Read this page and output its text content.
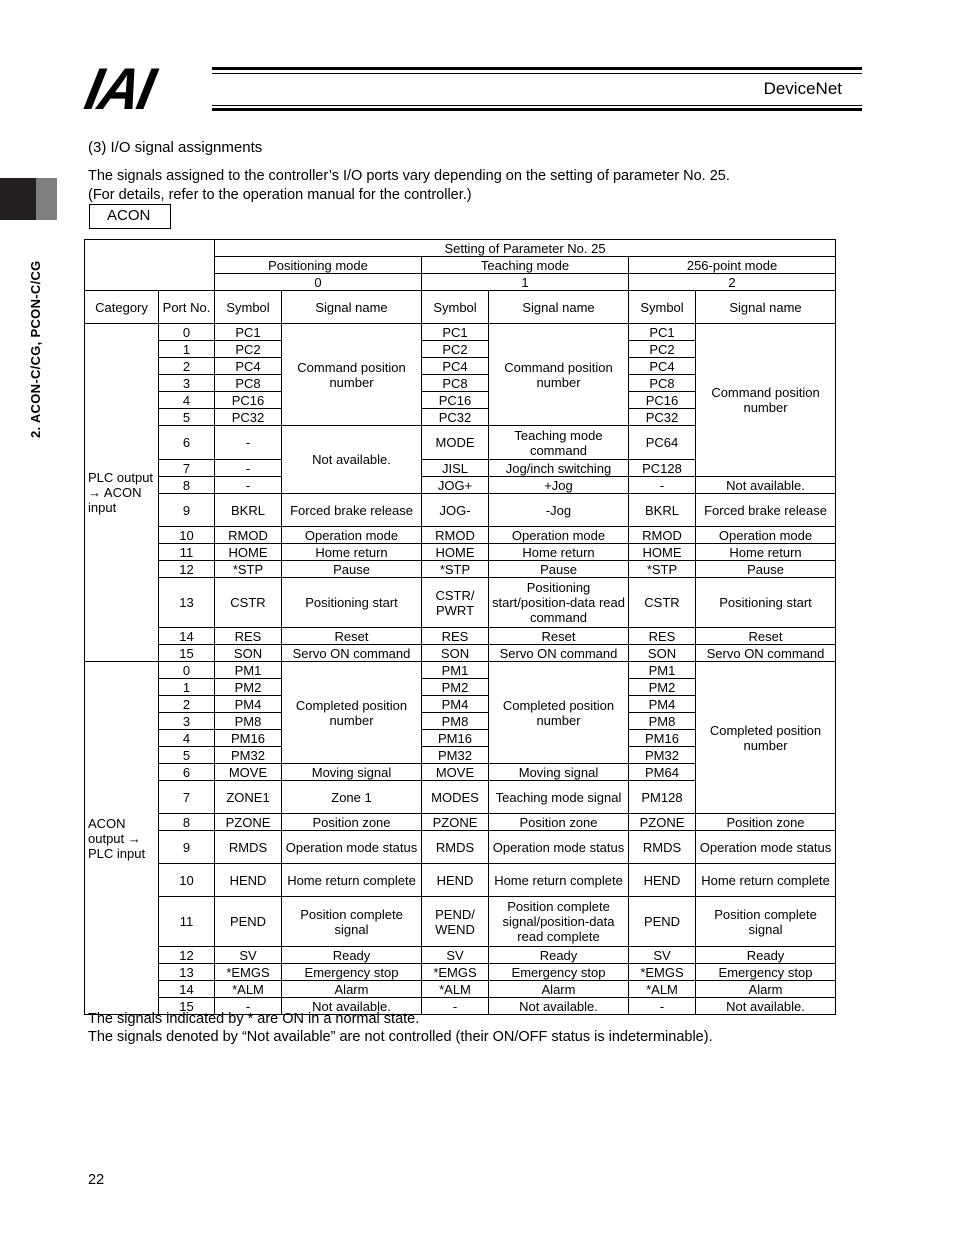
IAI	DeviceNet
2. ACON-C/CG, PCON-C/CG
(3) I/O signal assignments
The signals assigned to the controller’s I/O ports vary depending on the setting of parameter No. 25.
(For details, refer to the operation manual for the controller.)
ACON
		Setting of Parameter No. 25					
		Positioning mode		Teaching mode		256-point mode	
		0		1		2	
Category	Port No.	Symbol	Signal name	Symbol	Signal name	Symbol	Signal name
PLC output → ACON input	0	PC1	Command position number	PC1	Command position number	PC1	Command position number
	1	PC2		PC2		PC2	
	2	PC4		PC4		PC4	
	3	PC8		PC8		PC8	
	4	PC16		PC16		PC16	
	5	PC32		PC32		PC32	
	6	-	Not available.	MODE	Teaching mode command	PC64	
	7	-		JISL	Jog/inch switching	PC128	
	8	-		JOG+	+Jog	-	Not available.
	9	BKRL	Forced brake release	JOG-	-Jog	BKRL	Forced brake release
	10	RMOD	Operation mode	RMOD	Operation mode	RMOD	Operation mode
	11	HOME	Home return	HOME	Home return	HOME	Home return
	12	*STP	Pause	*STP	Pause	*STP	Pause
	13	CSTR	Positioning start	CSTR/ PWRT	Positioning start/position-data read command	CSTR	Positioning start
	14	RES	Reset	RES	Reset	RES	Reset
	15	SON	Servo ON command	SON	Servo ON command	SON	Servo ON command
ACON output → PLC input	0	PM1	Completed position number	PM1	Completed position number	PM1	Completed position number
	1	PM2		PM2		PM2	
	2	PM4		PM4		PM4	
	3	PM8		PM8		PM8	
	4	PM16		PM16		PM16	
	5	PM32		PM32		PM32	
	6	MOVE	Moving signal	MOVE	Moving signal	PM64	
	7	ZONE1	Zone 1	MODES	Teaching mode signal	PM128	
	8	PZONE	Position zone	PZONE	Position zone	PZONE	Position zone
	9	RMDS	Operation mode status	RMDS	Operation mode status	RMDS	Operation mode status
	10	HEND	Home return complete	HEND	Home return complete	HEND	Home return complete
	11	PEND	Position complete signal	PEND/ WEND	Position complete signal/position-data read complete	PEND	Position complete signal
	12	SV	Ready	SV	Ready	SV	Ready
	13	*EMGS	Emergency stop	*EMGS	Emergency stop	*EMGS	Emergency stop
	14	*ALM	Alarm	*ALM	Alarm	*ALM	Alarm
	15	-	Not available.	-	Not available.	-	Not available.
The signals indicated by * are ON in a normal state.
The signals denoted by “Not available” are not controlled (their ON/OFF status is indeterminable).
22
